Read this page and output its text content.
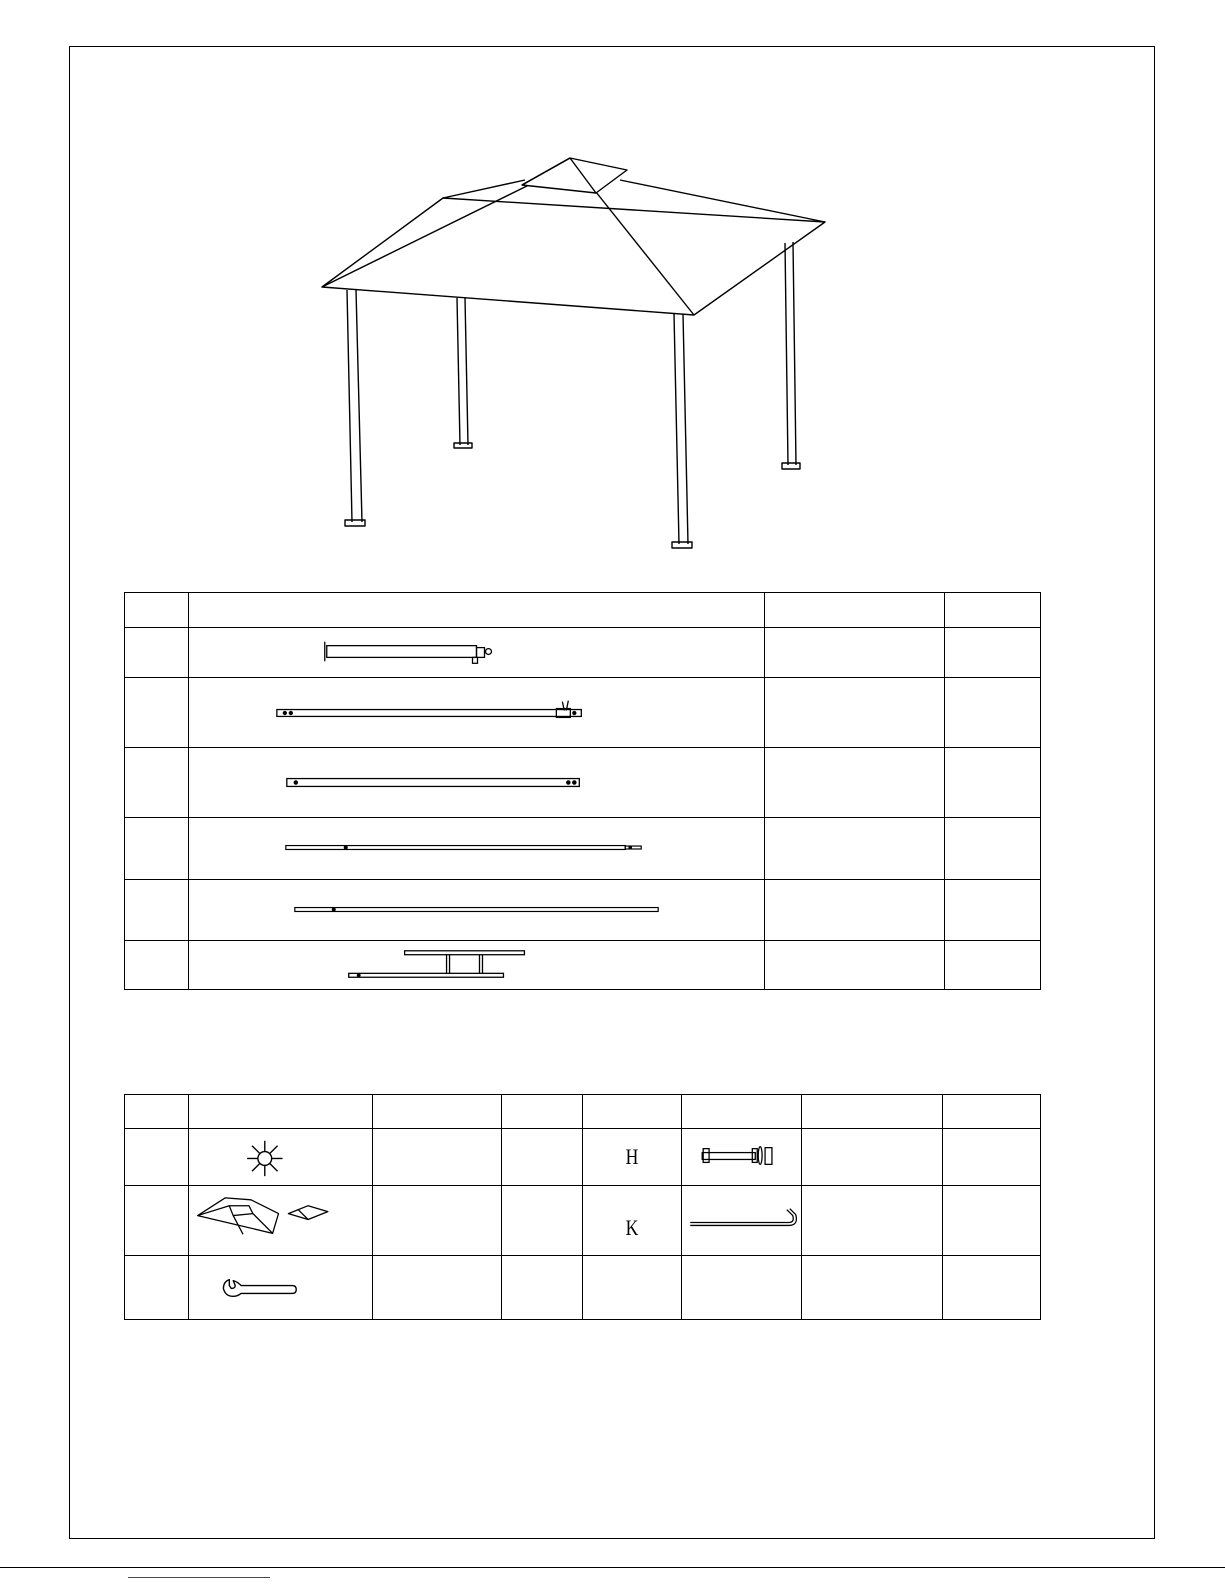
H

K
